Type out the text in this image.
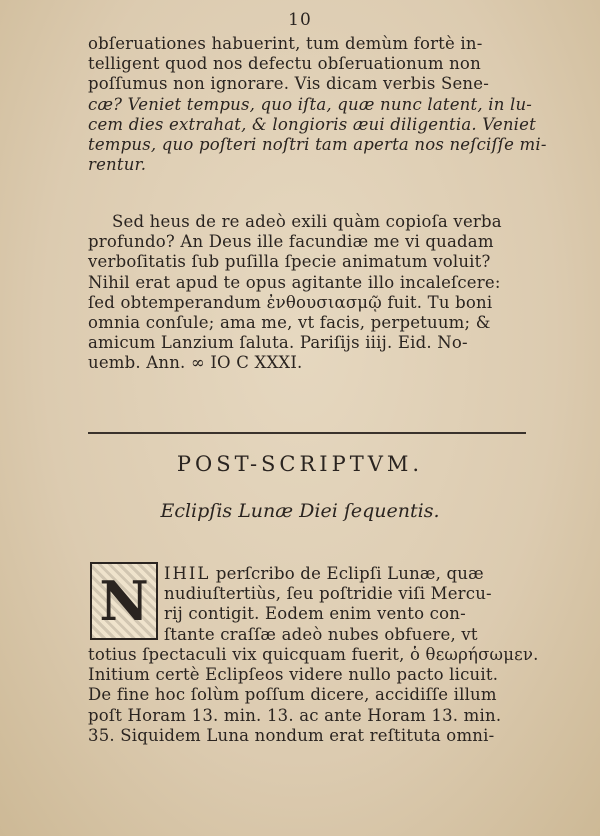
10
obſeruationes habuerint, tum demùm fortè in-
telligent quod nos defectu obſeruationum non
poſſumus non ignorare. Vis dicam verbis Sene-
cæ? Veniet tempus, quo iſta, quæ nunc latent, in lu-
cem dies extrahat, & longioris æui diligentia. Veniet
tempus, quo poſteri noſtri tam aperta nos neſciſſe mi-
rentur.
Sed heus de re adeò exili quàm copioſa verba
profundo? An Deus ille facundiæ me vi quadam
verboſitatis ſub puſilla ſpecie animatum voluit?
Nihil erat apud te opus agitante illo incaleſcere:
ſed obtemperandum ἐνθουσιασμῷ fuit. Tu boni
omnia conſule; ama me, vt facis, perpetuum; &
amicum Lanzium ſaluta. Pariſijs iiij. Eid. No-
uemb. Ann. ∞ ΙΟ C XXXI.
POST-SCRIPTVM.
Eclipſis Lunæ Diei ſequentis.
N IHIL perſcribo de Eclipſi Lunæ, quæ
nudiuſtertiùs, ſeu poſtridie viſi Mercu-
rij contigit. Eodem enim vento con-
ſtante craſſæ adeò nubes obfuere, vt
totius ſpectaculi vix quicquam fuerit, ὁ θεωρήσωμεν.
Initium certè Eclipſeos videre nullo pacto licuit.
De fine hoc ſolùm poſſum dicere, accidiſſe illum
poſt Horam 13. min. 13. ac ante Horam 13. min.
35. Siquidem Luna nondum erat reſtituta omni-
